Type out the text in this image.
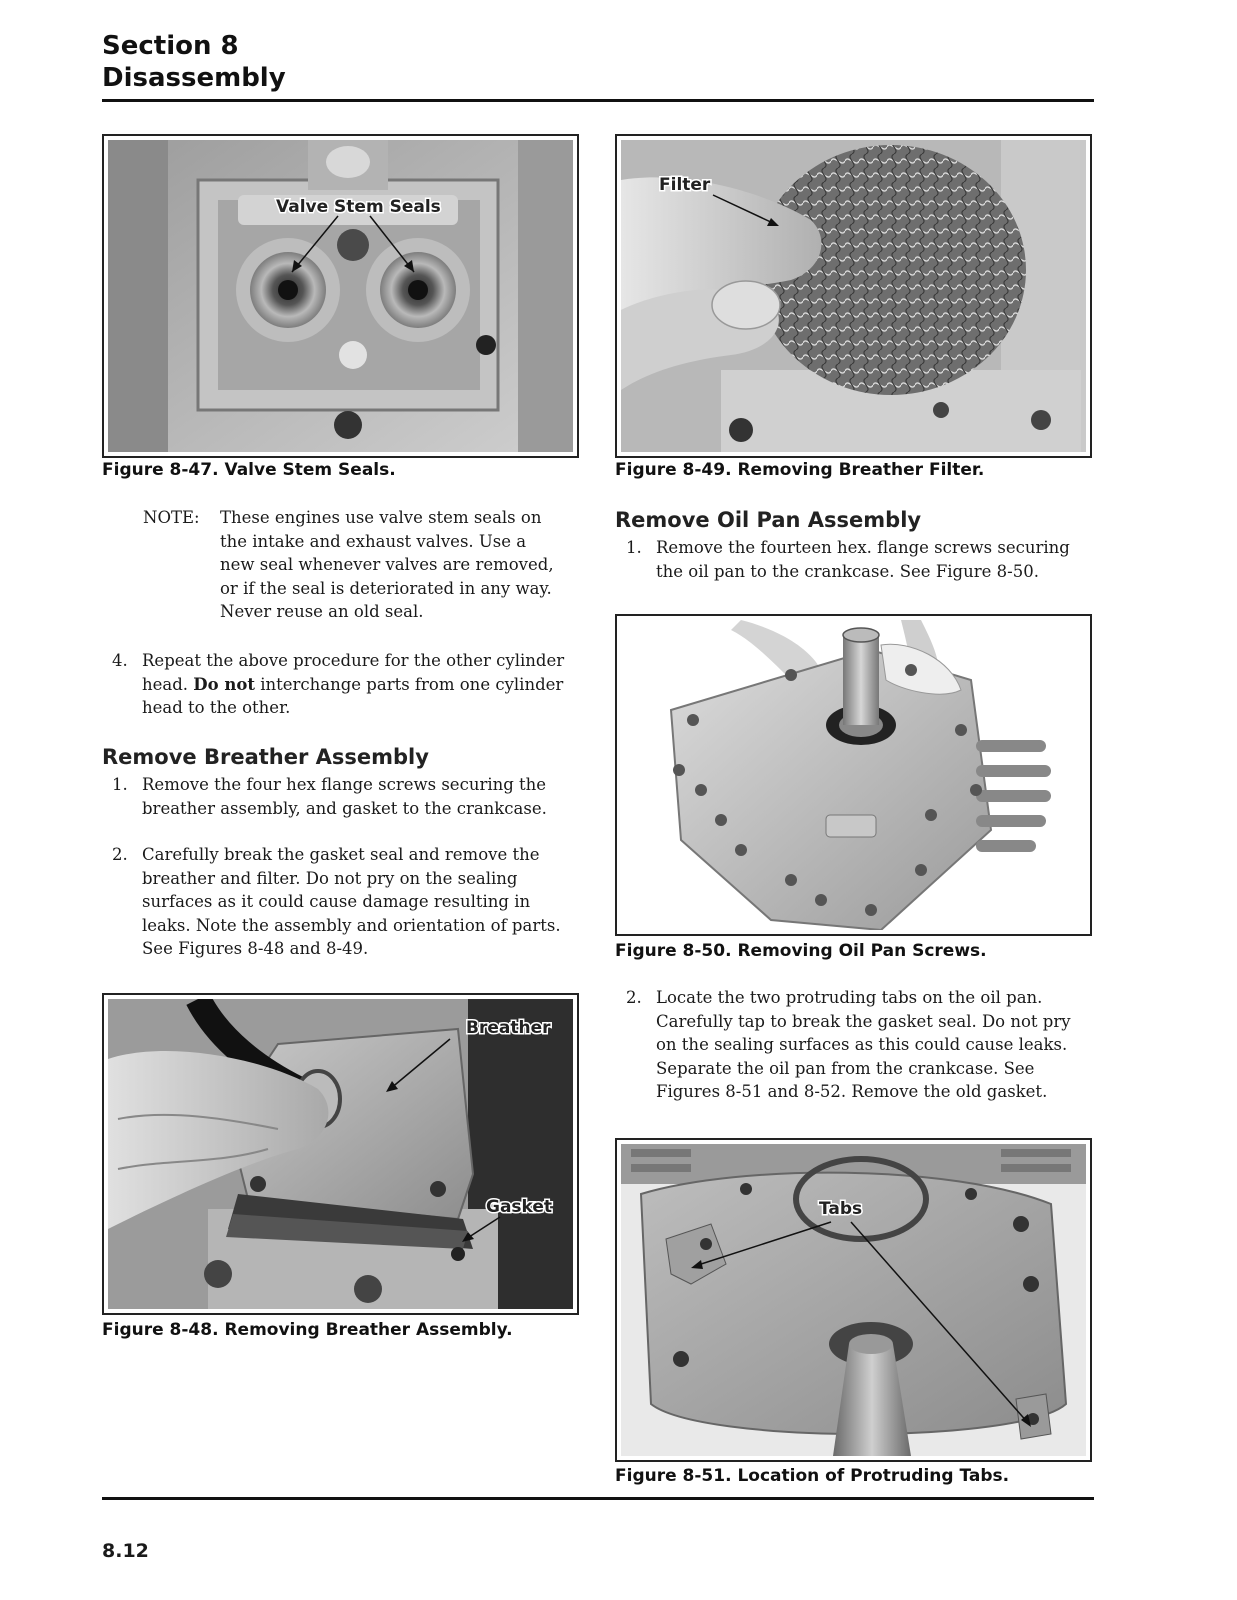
Section 8
Disassembly
Valve Stem Seals
Figure 8-47. Valve Stem Seals.
NOTE: These engines use valve stem seals on
the intake and exhaust valves. Use a
new seal whenever valves are removed,
or if the seal is deteriorated in any way.
Never reuse an old seal.
4. Repeat the above procedure for the other cylinder
head. Do not interchange parts from one cylinder
head to the other.
Remove Breather Assembly
1. Remove the four hex flange screws securing the
breather assembly, and gasket to the crankcase.
2. Carefully break the gasket seal and remove the
breather and filter. Do not pry on the sealing
surfaces as it could cause damage resulting in
leaks. Note the assembly and orientation of parts.
See Figures 8-48 and 8-49.
Breather
Gasket
Figure 8-48. Removing Breather Assembly.
Filter
Figure 8-49. Removing Breather Filter.
Remove Oil Pan Assembly
1. Remove the fourteen hex. flange screws securing
the oil pan to the crankcase. See Figure 8-50.
Figure 8-50. Removing Oil Pan Screws.
2. Locate the two protruding tabs on the oil pan.
Carefully tap to break the gasket seal. Do not pry
on the sealing surfaces as this could cause leaks.
Separate the oil pan from the crankcase. See
Figures 8-51 and 8-52. Remove the old gasket.
Tabs
Figure 8-51. Location of Protruding Tabs.
8.12
